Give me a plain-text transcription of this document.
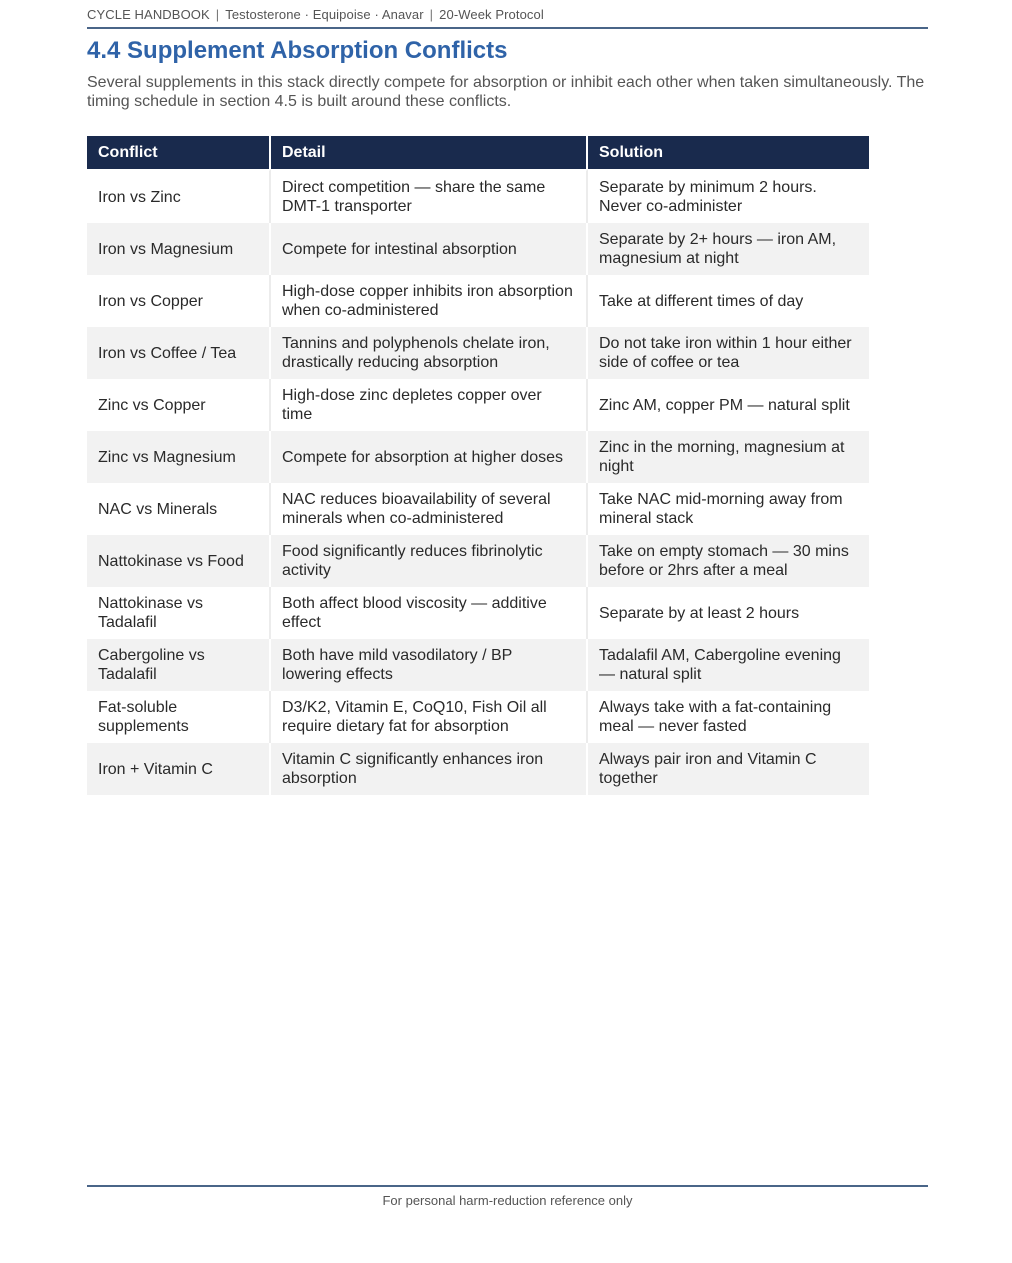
CYCLE HANDBOOK | Testosterone · Equipoise · Anavar | 20-Week Protocol
4.4 Supplement Absorption Conflicts

Several supplements in this stack directly compete for absorption or inhibit each other when taken simultaneously. The timing schedule in section 4.5 is built around these conflicts.

Conflict	Detail	Solution
Iron vs Zinc	Direct competition — share the same DMT-1 transporter	Separate by minimum 2 hours. Never co-administer
Iron vs Magnesium	Compete for intestinal absorption	Separate by 2+ hours — iron AM, magnesium at night
Iron vs Copper	High-dose copper inhibits iron absorption when co-administered	Take at different times of day
Iron vs Coffee / Tea	Tannins and polyphenols chelate iron, drastically reducing absorption	Do not take iron within 1 hour either side of coffee or tea
Zinc vs Copper	High-dose zinc depletes copper over time	Zinc AM, copper PM — natural split
Zinc vs Magnesium	Compete for absorption at higher doses	Zinc in the morning, magnesium at night
NAC vs Minerals	NAC reduces bioavailability of several minerals when co-administered	Take NAC mid-morning away from mineral stack
Nattokinase vs Food	Food significantly reduces fibrinolytic activity	Take on empty stomach — 30 mins before or 2hrs after a meal
Nattokinase vs Tadalafil	Both affect blood viscosity — additive effect	Separate by at least 2 hours
Cabergoline vs Tadalafil	Both have mild vasodilatory / BP lowering effects	Tadalafil AM, Cabergoline evening — natural split
Fat-soluble supplements	D3/K2, Vitamin E, CoQ10, Fish Oil all require dietary fat for absorption	Always take with a fat-containing meal — never fasted
Iron + Vitamin C	Vitamin C significantly enhances iron absorption	Always pair iron and Vitamin C together
For personal harm-reduction reference only
